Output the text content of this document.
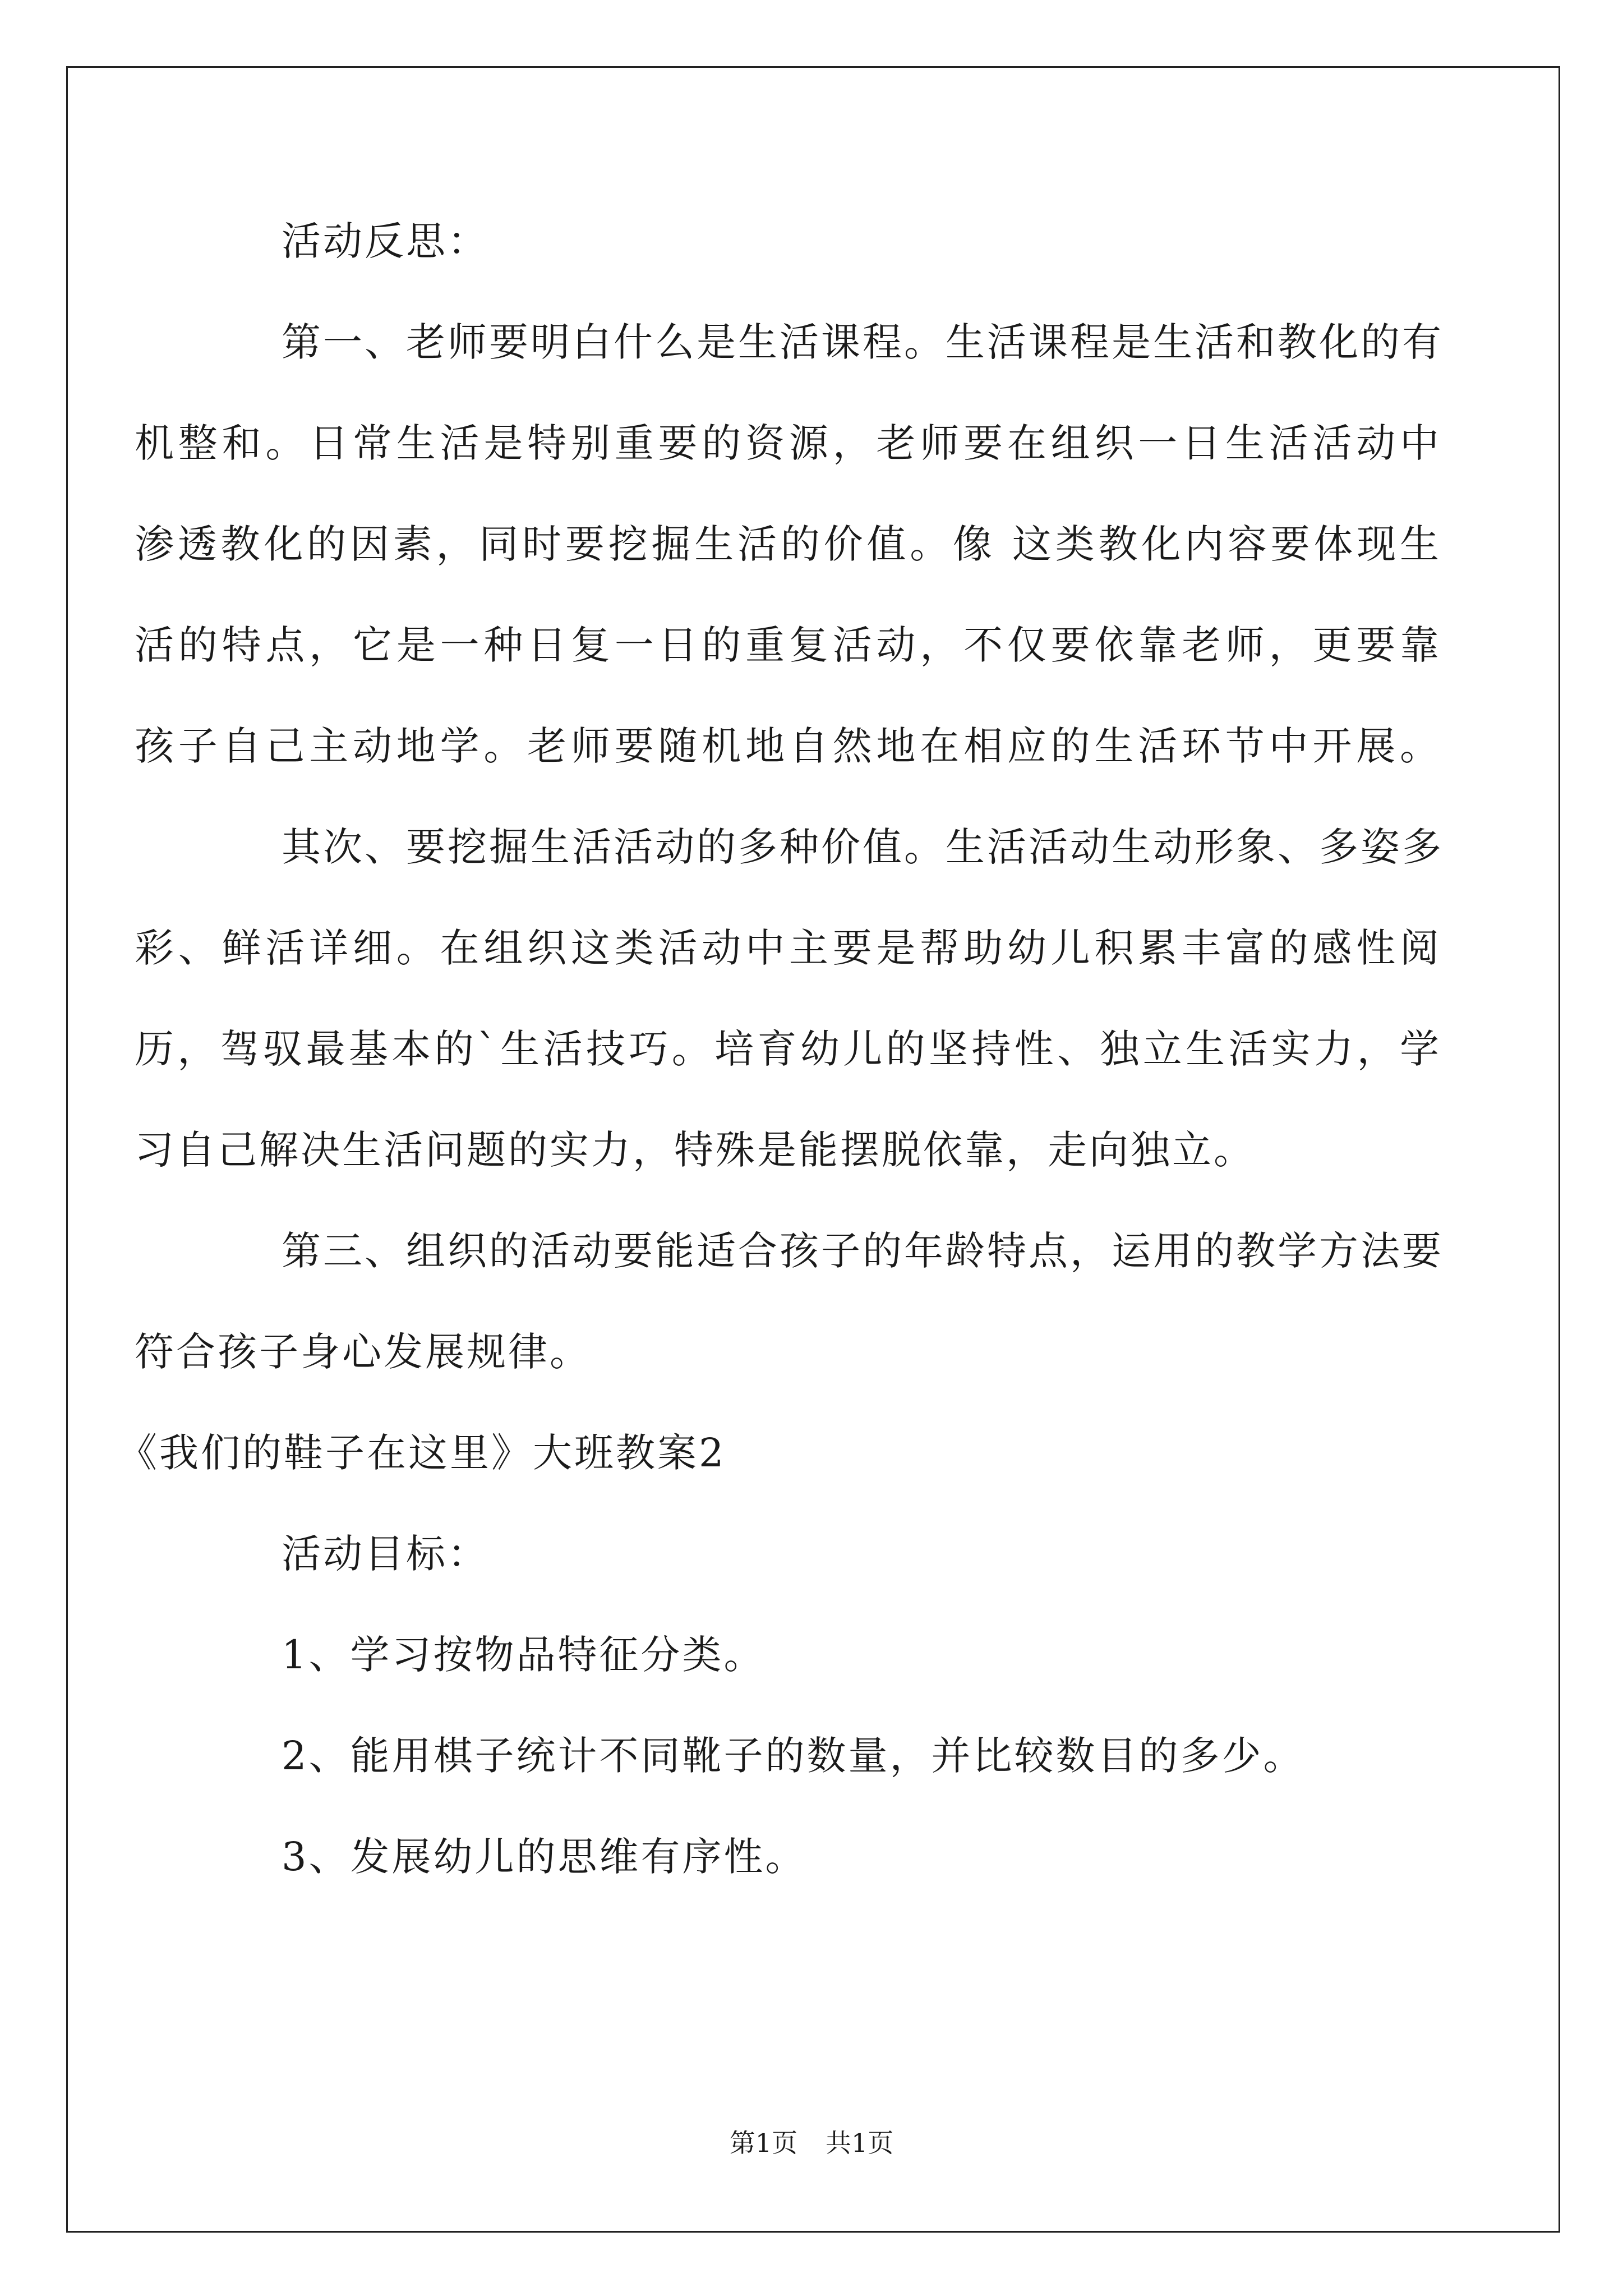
活动反思：
第一、老师要明白什么是生活课程。生活课程是生活和教化的有
机整和。日常生活是特别重要的资源，老师要在组织一日生活活动中
渗透教化的因素，同时要挖掘生活的价值。像 这类教化内容要体现生
活的特点，它是一种日复一日的重复活动，不仅要依靠老师，更要靠
孩子自己主动地学。老师要随机地自然地在相应的生活环节中开展。
其次、要挖掘生活活动的多种价值。生活活动生动形象、多姿多
彩、鲜活详细。在组织这类活动中主要是帮助幼儿积累丰富的感性阅
历，驾驭最基本的`生活技巧。培育幼儿的坚持性、独立生活实力，学
习自己解决生活问题的实力，特殊是能摆脱依靠，走向独立。
第三、组织的活动要能适合孩子的年龄特点，运用的教学方法要
符合孩子身心发展规律。
《我们的鞋子在这里》大班教案2
活动目标：
1、学习按物品特征分类。
2、能用棋子统计不同靴子的数量，并比较数目的多少。
3、发展幼儿的思维有序性。
第1页 共1页
